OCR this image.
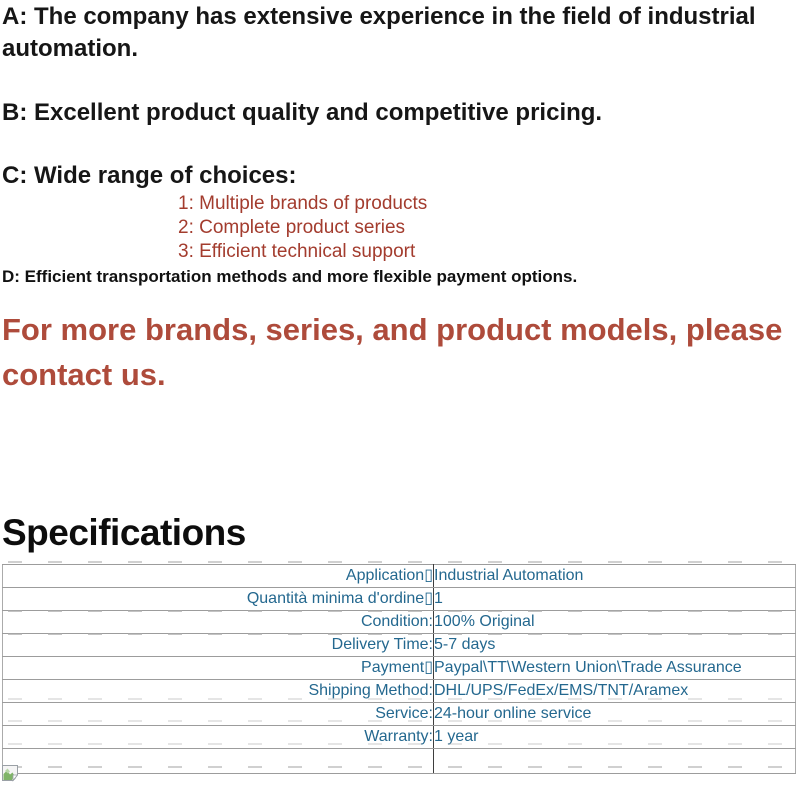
A: The company has extensive experience in the field of industrial

automation.

B: Excellent product quality and competitive pricing.

C: Wide range of choices:

1: Multiple brands of products

2: Complete product series

3: Efficient technical support

D: Efficient transportation methods and more flexible payment options.

For more brands, series, and product models, please

contact us.

Specifications
Application▯	Industrial Automation
Quantità minima d'ordine▯	1
Condition:	100% Original
Delivery Time:	5-7 days
Payment▯	Paypal\TT\Western Union\Trade Assurance
Shipping Method:	DHL/UPS/FedEx/EMS/TNT/Aramex
Service:	24-hour online service
Warranty:	1 year
